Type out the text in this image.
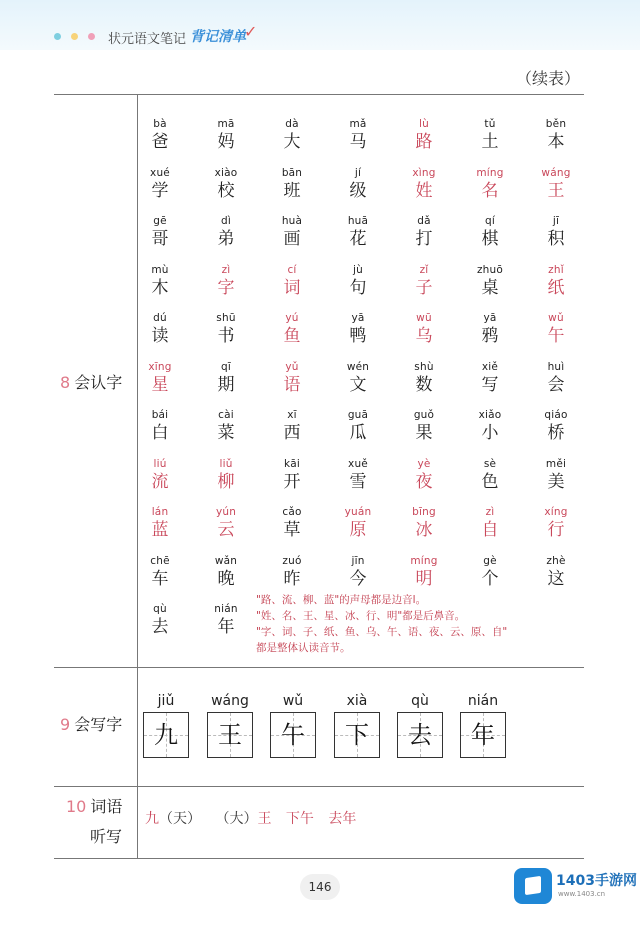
状元语文笔记 背记清单
✓
（续表）
8 会认字
9 会写字
10 词语
听写
bà
爸
mā
妈
dà
大
mǎ
马
lù
路
tǔ
土
běn
本
xué
学
xiào
校
bān
班
jí
级
xìng
姓
míng
名
wáng
王
gē
哥
dì
弟
huà
画
huā
花
dǎ
打
qí
棋
jī
积
mù
木
zì
字
cí
词
jù
句
zǐ
子
zhuō
桌
zhǐ
纸
dú
读
shū
书
yú
鱼
yā
鸭
wū
乌
yā
鸦
wǔ
午
xīng
星
qī
期
yǔ
语
wén
文
shù
数
xiě
写
huì
会
bái
白
cài
菜
xī
西
guā
瓜
guǒ
果
xiǎo
小
qiáo
桥
liú
流
liǔ
柳
kāi
开
xuě
雪
yè
夜
sè
色
měi
美
lán
蓝
yún
云
cǎo
草
yuán
原
bīng
冰
zì
自
xíng
行
chē
车
wǎn
晚
zuó
昨
jīn
今
míng
明
gè
个
zhè
这
qù
去
nián
年
"路、流、柳、蓝"的声母都是边音l。
"姓、名、王、星、冰、行、明"都是后鼻音。
"字、词、子、纸、鱼、乌、午、语、夜、云、原、自"
都是整体认读音节。
jiǔ
九
wáng
王
wǔ
午
xià
下
qù
去
nián
年
九（天） （大）王 下午 去年
146	1403手游网
www.1403.cn
